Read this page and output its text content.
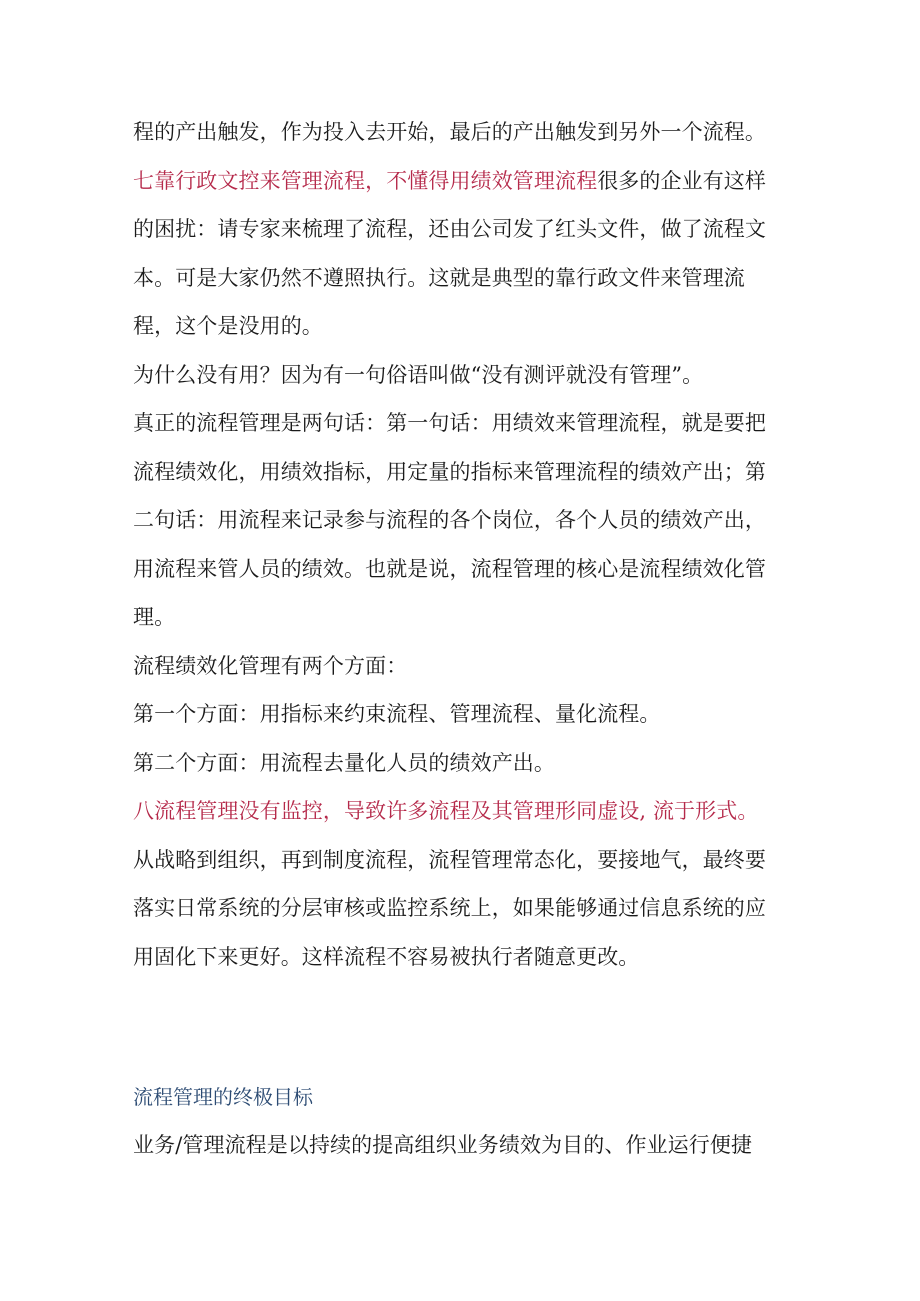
程的产出触发，作为投入去开始，最后的产出触发到另外一个流程。
七靠行政文控来管理流程，不懂得用绩效管理流程很多的企业有这样
的困扰：请专家来梳理了流程，还由公司发了红头文件，做了流程文
本。可是大家仍然不遵照执行。这就是典型的靠行政文件来管理流
程，这个是没用的。
为什么没有用？因为有一句俗语叫做“没有测评就没有管理”。
真正的流程管理是两句话：第一句话：用绩效来管理流程，就是要把
流程绩效化，用绩效指标，用定量的指标来管理流程的绩效产出；第
二句话：用流程来记录参与流程的各个岗位，各个人员的绩效产出，
用流程来管人员的绩效。也就是说，流程管理的核心是流程绩效化管
理。
流程绩效化管理有两个方面：
第一个方面：用指标来约束流程、管理流程、量化流程。
第二个方面：用流程去量化人员的绩效产出。
八流程管理没有监控，导致许多流程及其管理形同虚设, 流于形式。
从战略到组织，再到制度流程，流程管理常态化，要接地气，最终要
落实日常系统的分层审核或监控系统上，如果能够通过信息系统的应
用固化下来更好。这样流程不容易被执行者随意更改。
流程管理的终极目标
业务/管理流程是以持续的提高组织业务绩效为目的、作业运行便捷
